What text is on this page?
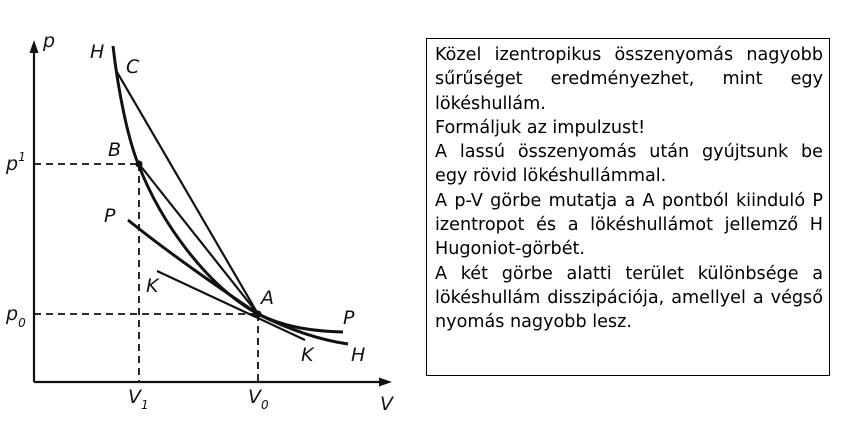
p
V
$p^1$
$p_0$
$V_1$	$V_0$
H
C
B
P
K
A
P
K H

Közel izentropikus összenyomás nagyobb sűrűséget eredményezhet, mint egy lökéshullám.

Formáljuk az impulzust!

A lassú összenyomás után gyújtsunk be egy rövid lökéshullámmal.

A p-V görbe mutatja a A pontból kiinduló P izentropot és a lökéshullámot jellemző H Hugoniot-görbét.

A két görbe alatti terület különbsége a lökéshullám disszipációja, amellyel a végső nyomás nagyobb lesz.
